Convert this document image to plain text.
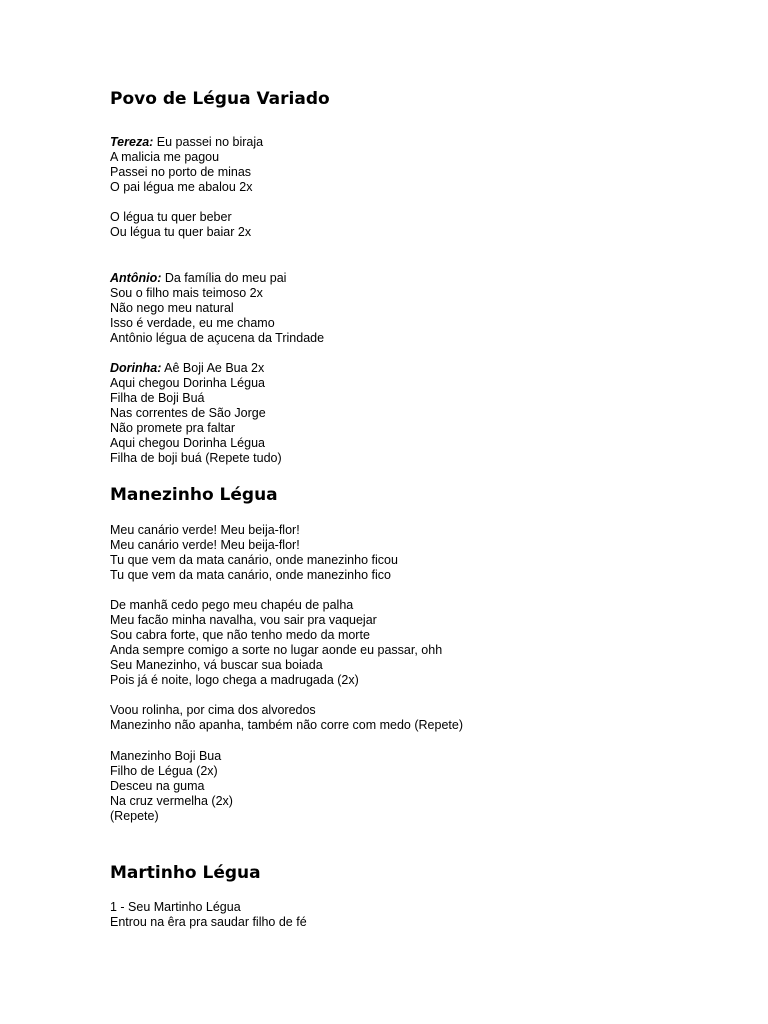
Povo de Légua Variado
Tereza: Eu passei no biraja
A malicia me pagou
Passei no porto de minas
O pai légua me abalou 2x
O légua tu quer beber
Ou légua tu quer baiar 2x
Antônio: Da família do meu pai
Sou o filho mais teimoso 2x
Não nego meu natural
Isso é verdade, eu me chamo
Antônio légua de açucena da Trindade
Dorinha: Aê Boji Ae Bua 2x
Aqui chegou Dorinha Légua
Filha de Boji Buá
Nas correntes de São Jorge
Não promete pra faltar
Aqui chegou Dorinha Légua
Filha de boji buá (Repete tudo)
Manezinho Légua
Meu canário verde! Meu beija-flor!
Meu canário verde! Meu beija-flor!
Tu que vem da mata canário, onde manezinho ficou
Tu que vem da mata canário, onde manezinho fico
De manhã cedo pego meu chapéu de palha
Meu facão minha navalha, vou sair pra vaquejar
Sou cabra forte, que não tenho medo da morte
Anda sempre comigo a sorte no lugar aonde eu passar, ohh
Seu Manezinho, vá buscar sua boiada
Pois já é noite, logo chega a madrugada (2x)
Voou rolinha, por cima dos alvoredos
Manezinho não apanha, também não corre com medo (Repete)
Manezinho Boji Bua
Filho de Légua (2x)
Desceu na guma
Na cruz vermelha (2x)
(Repete)
Martinho Légua
1 - Seu Martinho Légua
Entrou na êra pra saudar filho de fé
